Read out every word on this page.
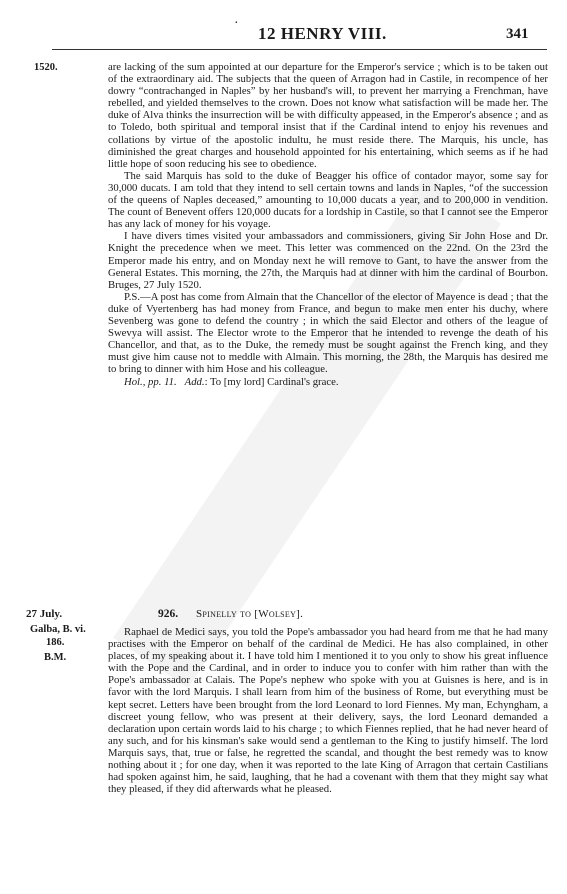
·
12 HENRY VIII.	341
1520.	are lacking of the sum appointed at our departure for the Emperor's service ; which is to be taken out of the extraordinary aid. The subjects that the queen of Arragon had in Castile, in recompence of her dowry “contrachanged in Naples” by her husband's will, to prevent her marrying a Frenchman, have rebelled, and yielded themselves to the crown. Does not know what satisfaction will be made her. The duke of Alva thinks the insurrection will be with difficulty appeased, in the Emperor's absence ; and as to Toledo, both spiritual and temporal insist that if the Cardinal intend to enjoy his revenues and collations by virtue of the apostolic indultu, he must reside there. The Marquis, his uncle, has diminished the great charges and household appointed for his entertaining, which seems as if he had little hope of soon reducing his see to obedience.

The said Marquis has sold to the duke of Beagger his office of contador mayor, some say for 30,000 ducats. I am told that they intend to sell certain towns and lands in Naples, “of the succession of the queens of Naples deceased,” amounting to 10,000 ducats a year, and to 200,000 in vendition. The count of Benevent offers 120,000 ducats for a lordship in Castile, so that I cannot see the Emperor has any lack of money for his voyage.

I have divers times visited your ambassadors and commissioners, giving Sir John Hose and Dr. Knight the precedence when we meet. This letter was commenced on the 22nd. On the 23rd the Emperor made his entry, and on Monday next he will remove to Gant, to have the answer from the General Estates. This morning, the 27th, the Marquis had at dinner with him the cardinal of Bourbon. Bruges, 27 July 1520.

P.S.—A post has come from Almain that the Chancellor of the elector of Mayence is dead ; that the duke of Vyertenberg has had money from France, and begun to make men enter his duchy, where Sevenberg was gone to defend the country ; in which the said Elector and others of the league of Swevya will assist. The Elector wrote to the Emperor that he intended to revenge the death of his Chancellor, and that, as to the Duke, the remedy must be sought against the French king, and they must give him cause not to meddle with Almain. This morning, the 28th, the Marquis has desired me to bring to dinner with him Hose and his colleague.

Hol., pp. 11. Add.: To [my lord] Cardinal's grace.

27 July.	926. Spinelly to [Wolsey].
Galba, B. vi.
186.
B.M.

Raphael de Medici says, you told the Pope's ambassador you had heard from me that he had many practises with the Emperor on behalf of the cardinal de Medici. He has also complained, in other places, of my speaking about it. I have told him I mentioned it to you only to show his great influence with the Pope and the Cardinal, and in order to induce you to confer with him rather than with the Pope's ambassador at Calais. The Pope's nephew who spoke with you at Guisnes is here, and is in favor with the lord Marquis. I shall learn from him of the business of Rome, but everything must be kept secret. Letters have been brought from the lord Leonard to lord Fiennes. My man, Echyngham, a discreet young fellow, who was present at their delivery, says, the lord Leonard demanded a declaration upon certain words laid to his charge ; to which Fiennes replied, that he had never heard of any such, and for his kinsman's sake would send a gentleman to the King to justify himself. The lord Marquis says, that, true or false, he regretted the scandal, and thought the best remedy was to know nothing about it ; for one day, when it was reported to the late King of Arragon that certain Castilians had spoken against him, he said, laughing, that he had a covenant with them that they might say what they pleased, if they did afterwards what he pleased.
